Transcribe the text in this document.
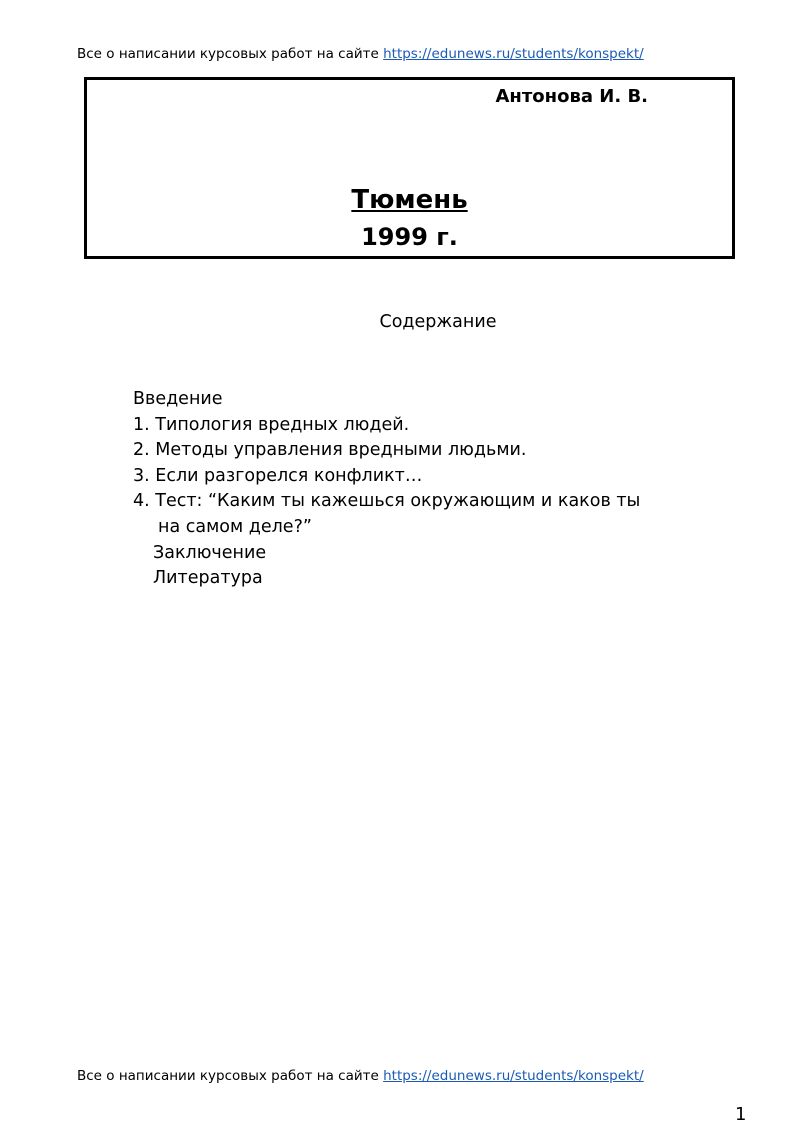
Все о написании курсовых работ на сайте https://edunews.ru/students/konspekt/
Антонова И. В.
Тюмень
1999 г.
Содержание
Введение
1. Типология вредных людей.
2. Методы управления вредными людьми.
3. Если разгорелся конфликт…
4. Тест: “Каким ты кажешься окружающим и каков ты
на самом деле?”
Заключение
Литература
Все о написании курсовых работ на сайте https://edunews.ru/students/konspekt/
1
